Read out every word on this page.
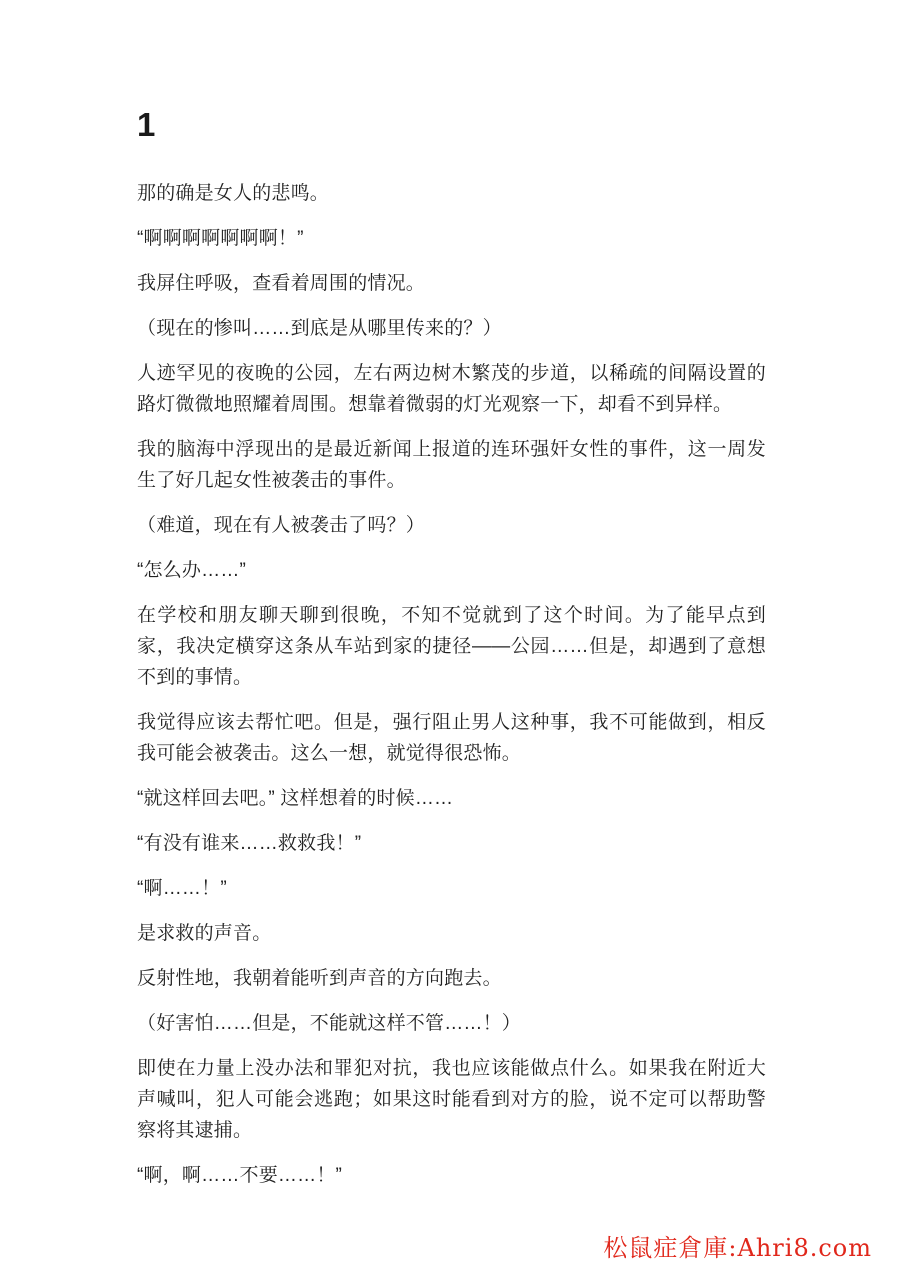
1

那的确是女人的悲鸣。

“啊啊啊啊啊啊啊！”

我屏住呼吸，查看着周围的情况。

（现在的惨叫……到底是从哪里传来的？）

人迹罕见的夜晚的公园，左右两边树木繁茂的步道，以稀疏的间隔设置的路灯微微地照耀着周围。想靠着微弱的灯光观察一下，却看不到异样。

我的脑海中浮现出的是最近新闻上报道的连环强奸女性的事件，这一周发生了好几起女性被袭击的事件。

（难道，现在有人被袭击了吗？）

“怎么办……”

在学校和朋友聊天聊到很晚，不知不觉就到了这个时间。为了能早点到家，我决定横穿这条从车站到家的捷径——公园……但是，却遇到了意想不到的事情。

我觉得应该去帮忙吧。但是，强行阻止男人这种事，我不可能做到，相反我可能会被袭击。这么一想，就觉得很恐怖。

“就这样回去吧。” 这样想着的时候……

“有没有谁来……救救我！”

“啊……！”

是求救的声音。

反射性地，我朝着能听到声音的方向跑去。

（好害怕……但是，不能就这样不管……！）

即使在力量上没办法和罪犯对抗，我也应该能做点什么。如果我在附近大声喊叫，犯人可能会逃跑；如果这时能看到对方的脸，说不定可以帮助警察将其逮捕。

“啊，啊……不要……！”

松鼠症倉庫:Ahri8.com
